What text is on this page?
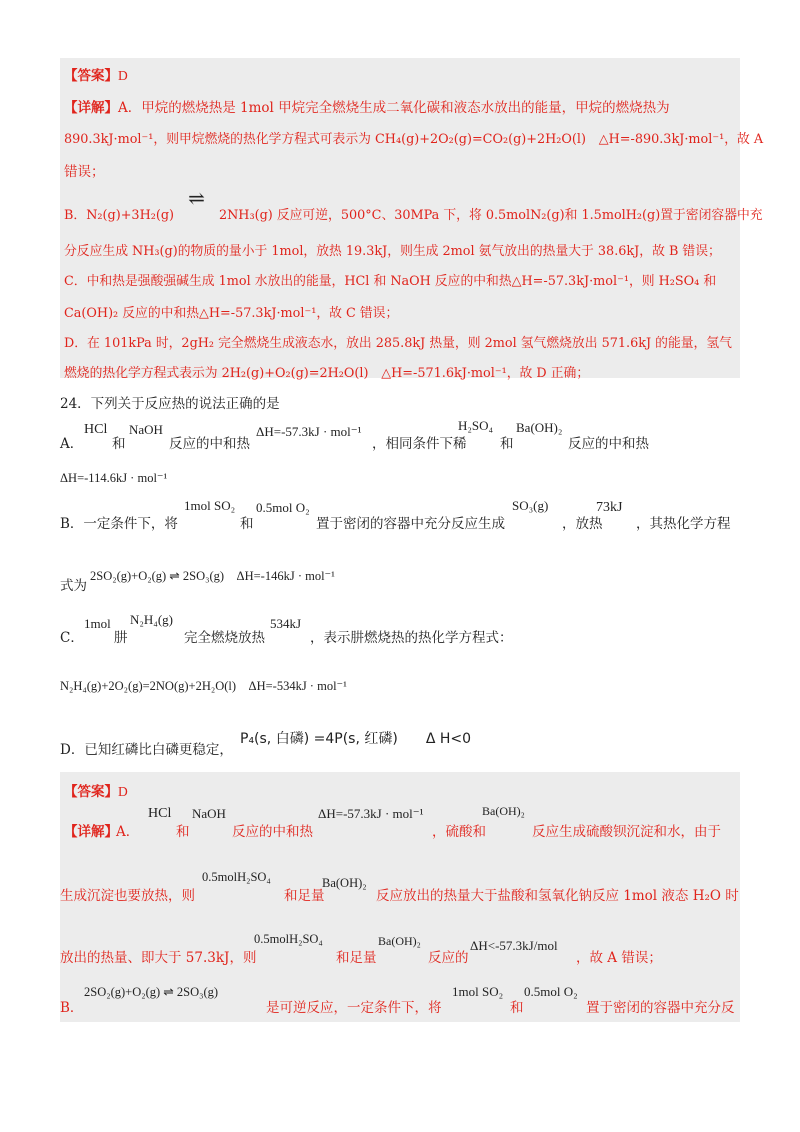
【答案】D
【详解】A．甲烷的燃烧热是 1mol 甲烷完全燃烧生成二氧化碳和液态水放出的能量，甲烷的燃烧热为
890.3kJ·mol⁻¹，则甲烷燃烧的热化学方程式可表示为 CH₄(g)+2O₂(g)=CO₂(g)+2H₂O(l)　△H=-890.3kJ·mol⁻¹，故 A
错误；
B．N₂(g)+3H₂(g) ⇌ 2NH₃(g) 反应可逆，500°C、30MPa 下，将 0.5molN₂(g)和 1.5molH₂(g)置于密闭容器中充
分反应生成 NH₃(g)的物质的量小于 1mol，放热 19.3kJ，则生成 2mol 氨气放出的热量大于 38.6kJ，故 B 错误；
C．中和热是强酸强碱生成 1mol 水放出的能量，HCl 和 NaOH 反应的中和热△H=-57.3kJ·mol⁻¹，则 H₂SO₄ 和
Ca(OH)₂ 反应的中和热△H=-57.3kJ·mol⁻¹，故 C 错误；
D．在 101kPa 时，2gH₂ 完全燃烧生成液态水，放出 285.8kJ 热量，则 2mol 氢气燃烧放出 571.6kJ 的能量，氢气
燃烧的热化学方程式表示为 2H₂(g)+O₂(g)=2H₂O(l)　△H=-571.6kJ·mol⁻¹，故 D 正确；
24．下列关于反应热的说法正确的是
A．
HCl
和
NaOH
反应的中和热
ΔH=-57.3kJ · mol⁻¹
，相同条件下稀
H₂SO₄
和
Ba(OH)₂
反应的中和热
ΔH=-114.6kJ · mol⁻¹
B．一定条件下，将
1mol SO₂
和
0.5mol O₂
置于密闭的容器中充分反应生成
SO₃(g)
，放热
73kJ
，其热化学方程
式为
2SO₂(g)+O₂(g) ⇌ 2SO₃(g)　ΔH=-146kJ · mol⁻¹
C．
1mol
肼
N₂H₄(g)
完全燃烧放热
534kJ
，表示肼燃烧热的热化学方程式：
N₂H₄(g)+2O₂(g)=2NO(g)+2H₂O(l)　ΔH=-534kJ · mol⁻¹
D．已知红磷比白磷更稳定，
P₄(s, 白磷) =4P(s, 红磷)　　Δ H<0
【答案】D
【详解】
A．
HCl
和
NaOH
反应的中和热
ΔH=-57.3kJ · mol⁻¹
，硫酸和
Ba(OH)₂
反应生成硫酸钡沉淀和水，由于
生成沉淀也要放热，则
0.5molH₂SO₄
和足量
Ba(OH)₂
反应放出的热量大于盐酸和氢氧化钠反应 1mol 液态 H₂O 时
放出的热量、即大于 57.3kJ，则
0.5molH₂SO₄
和足量
Ba(OH)₂
反应的
ΔH<-57.3kJ/mol
，故 A 错误；
B．
2SO₂(g)+O₂(g) ⇌ 2SO₃(g)
是可逆反应，一定条件下，将
1mol SO₂
和
0.5mol O₂
置于密闭的容器中充分反
